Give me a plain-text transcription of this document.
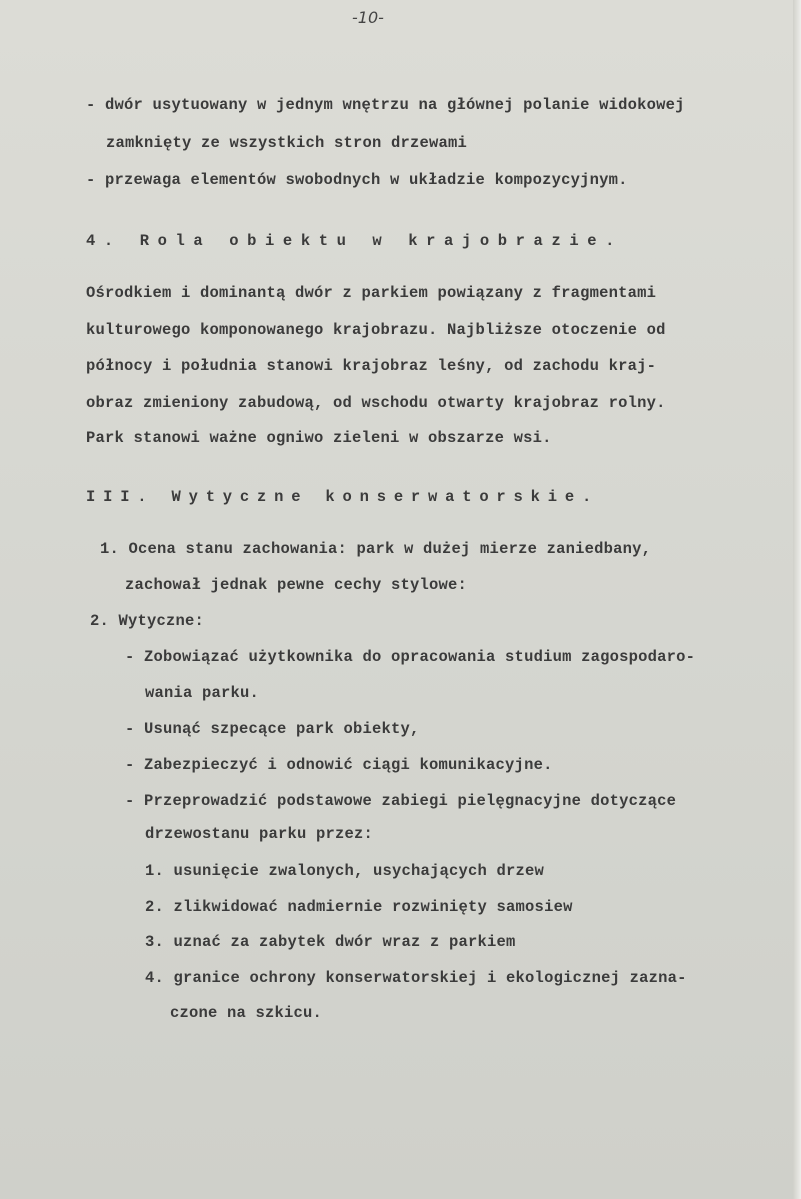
-10-
- dwór usytuowany w jednym wnętrzu na głównej polanie widokowej
zamknięty ze wszystkich stron drzewami
- przewaga elementów swobodnych w układzie kompozycyjnym.
4. Rola obiektu w krajobrazie.
Ośrodkiem i dominantą dwór z parkiem powiązany z fragmentami
kulturowego komponowanego krajobrazu. Najbliższe otoczenie od
północy i południa stanowi krajobraz leśny, od zachodu kraj-
obraz zmieniony zabudową, od wschodu otwarty krajobraz rolny.
Park stanowi ważne ogniwo zieleni w obszarze wsi.
III. Wytyczne konserwatorskie.
1. Ocena stanu zachowania: park w dużej mierze zaniedbany,
zachował jednak pewne cechy stylowe:
2. Wytyczne:
- Zobowiązać użytkownika do opracowania studium zagospodaro-
wania parku.
- Usunąć szpecące park obiekty,
- Zabezpieczyć i odnowić ciągi komunikacyjne.
- Przeprowadzić podstawowe zabiegi pielęgnacyjne dotyczące
drzewostanu parku przez:
1. usunięcie zwalonych, usychających drzew
2. zlikwidować nadmiernie rozwinięty samosiew
3. uznać za zabytek dwór wraz z parkiem
4. granice ochrony konserwatorskiej i ekologicznej zazna-
czone na szkicu.
